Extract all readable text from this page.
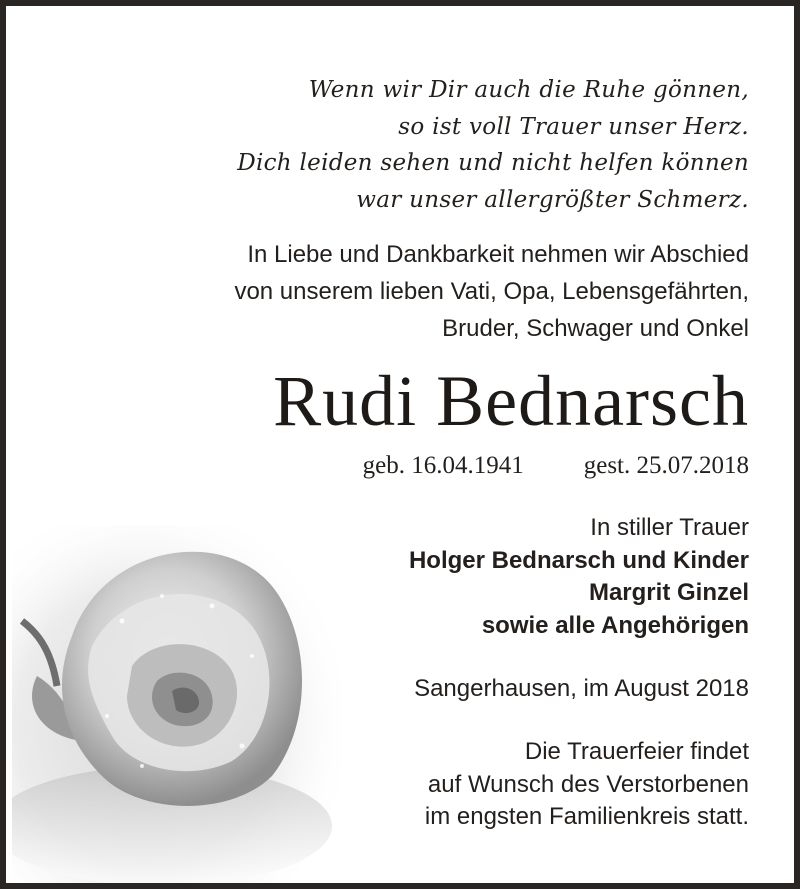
Wenn wir Dir auch die Ruhe gönnen,
so ist voll Trauer unser Herz.
Dich leiden sehen und nicht helfen können
war unser allergrößter Schmerz.
In Liebe und Dankbarkeit nehmen wir Abschied
von unserem lieben Vati, Opa, Lebensgefährten,
Bruder, Schwager und Onkel
Rudi Bednarsch
geb. 16.04.1941 gest. 25.07.2018
In stiller Trauer
Holger Bednarsch und Kinder
Margrit Ginzel
sowie alle Angehörigen
Sangerhausen, im August 2018
Die Trauerfeier findet
auf Wunsch des Verstorbenen
im engsten Familienkreis statt.
